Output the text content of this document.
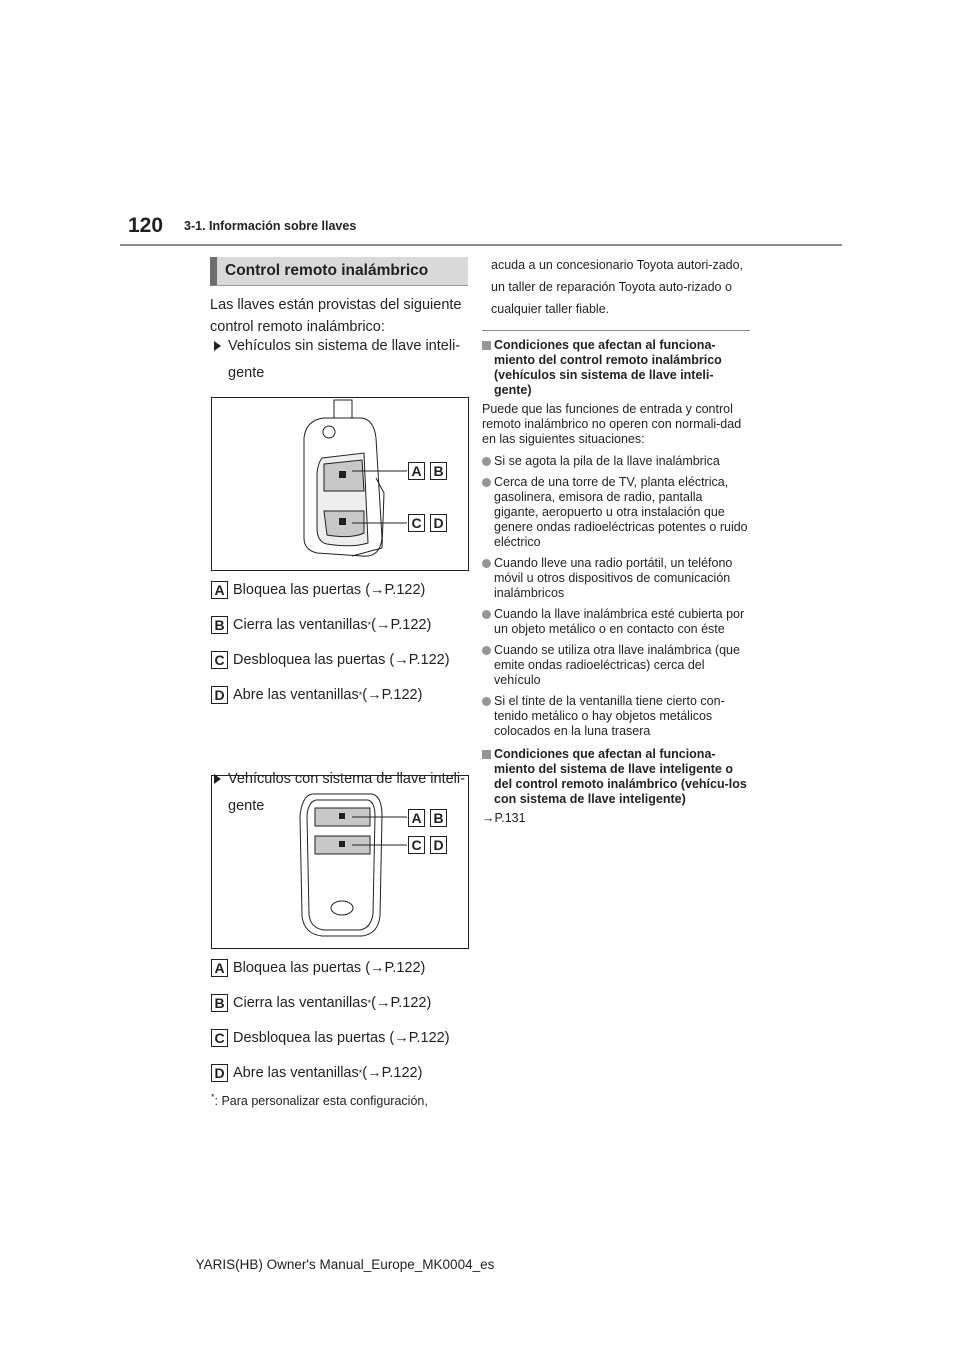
120 3-1. Información sobre llaves
Control remoto inalámbrico
Las llaves están provistas del siguiente control remoto inalámbrico:
Vehículos sin sistema de llave inteli-gente
A B
C D
A Bloquea las puertas (→P.122)
B Cierra las ventanillas * (→P.122)
C Desbloquea las puertas (→P.122)
D Abre las ventanillas * (→P.122)
Vehículos con sistema de llave inteli-gente
A B
C D
A Bloquea las puertas (→P.122)
B Cierra las ventanillas * (→P.122)
C Desbloquea las puertas (→P.122)
D Abre las ventanillas * (→P.122)
*: Para personalizar esta configuración,
acuda a un concesionario Toyota autori-zado, un taller de reparación Toyota auto-rizado o cualquier taller fiable.
Condiciones que afectan al funciona-miento del control remoto inalámbrico (vehículos sin sistema de llave inteli-gente)
Puede que las funciones de entrada y control remoto inalámbrico no operen con normali-dad en las siguientes situaciones:
Si se agota la pila de la llave inalámbrica
Cerca de una torre de TV, planta eléctrica, gasolinera, emisora de radio, pantalla gigante, aeropuerto u otra instalación que genere ondas radioeléctricas potentes o ruido eléctrico
Cuando lleve una radio portátil, un teléfono móvil u otros dispositivos de comunicación inalámbricos
Cuando la llave inalámbrica esté cubierta por un objeto metálico o en contacto con éste
Cuando se utiliza otra llave inalámbrica (que emite ondas radioeléctricas) cerca del vehículo
Si el tinte de la ventanilla tiene cierto con-tenido metálico o hay objetos metálicos colocados en la luna trasera
Condiciones que afectan al funciona-miento del sistema de llave inteligente o del control remoto inalámbrico (vehícu-los con sistema de llave inteligente)
→P.131
YARIS(HB) Owner's Manual_Europe_MK0004_es
